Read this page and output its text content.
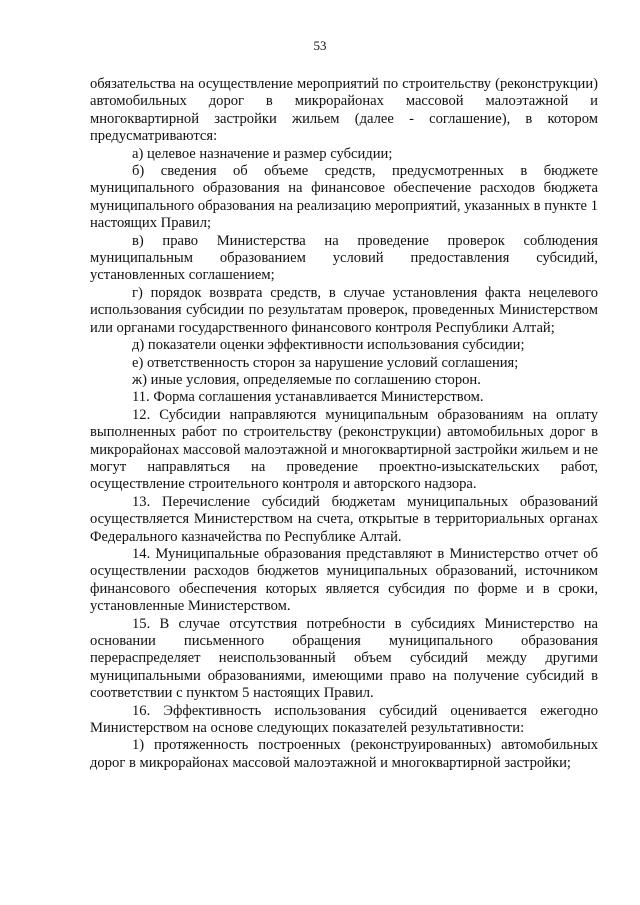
53

обязательства на осуществление мероприятий по строительству (реконструкции) автомобильных дорог в микрорайонах массовой малоэтажной и многоквартирной застройки жильем (далее - соглашение), в котором предусматриваются:

а) целевое назначение и размер субсидии;

б) сведения об объеме средств, предусмотренных в бюджете муниципального образования на финансовое обеспечение расходов бюджета муниципального образования на реализацию мероприятий, указанных в пункте 1 настоящих Правил;

в) право Министерства на проведение проверок соблюдения муниципальным образованием условий предоставления субсидий, установленных соглашением;

г) порядок возврата средств, в случае установления факта нецелевого использования субсидии по результатам проверок, проведенных Министерством или органами государственного финансового контроля Республики Алтай;

д) показатели оценки эффективности использования субсидии;

е) ответственность сторон за нарушение условий соглашения;

ж) иные условия, определяемые по соглашению сторон.

11. Форма соглашения устанавливается Министерством.

12. Субсидии направляются муниципальным образованиям на оплату выполненных работ по строительству (реконструкции) автомобильных дорог в микрорайонах массовой малоэтажной и многоквартирной застройки жильем и не могут направляться на проведение проектно-изыскательских работ, осуществление строительного контроля и авторского надзора.

13. Перечисление субсидий бюджетам муниципальных образований осуществляется Министерством на счета, открытые в территориальных органах Федерального казначейства по Республике Алтай.

14. Муниципальные образования представляют в Министерство отчет об осуществлении расходов бюджетов муниципальных образований, источником финансового обеспечения которых является субсидия по форме и в сроки, установленные Министерством.

15. В случае отсутствия потребности в субсидиях Министерство на основании письменного обращения муниципального образования перераспределяет неиспользованный объем субсидий между другими муниципальными образованиями, имеющими право на получение субсидий в соответствии с пунктом 5 настоящих Правил.

16. Эффективность использования субсидий оценивается ежегодно Министерством на основе следующих показателей результативности:

1) протяженность построенных (реконструированных) автомобильных дорог в микрорайонах массовой малоэтажной и многоквартирной застройки;
